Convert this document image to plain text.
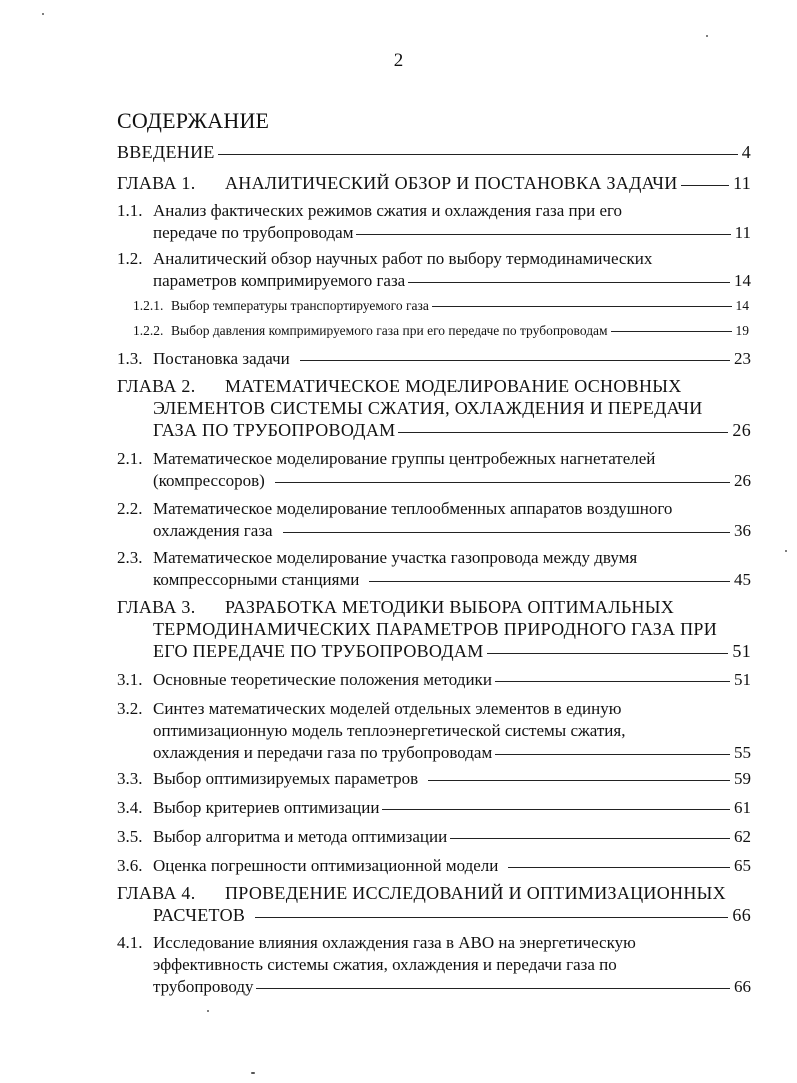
2
СОДЕРЖАНИЕ
ВВЕДЕНИЕ	4
ГЛАВА 1. АНАЛИТИЧЕСКИЙ ОБЗОР И ПОСТАНОВКА ЗАДАЧИ	11
1.1. Анализ фактических режимов сжатия и охлаждения газа при его
передаче по трубопроводам	11
1.2. Аналитический обзор научных работ по выбору термодинамических
параметров компримируемого газа	14
1.2.1. Выбор температуры транспортируемого газа	14
1.2.2. Выбор давления компримируемого газа при его передаче по трубопроводам	19
1.3. Постановка задачи	23
ГЛАВА 2. МАТЕМАТИЧЕСКОЕ МОДЕЛИРОВАНИЕ ОСНОВНЫХ
ЭЛЕМЕНТОВ СИСТЕМЫ СЖАТИЯ, ОХЛАЖДЕНИЯ И ПЕРЕДАЧИ
ГАЗА ПО ТРУБОПРОВОДАМ	26
2.1. Математическое моделирование группы центробежных нагнетателей
(компрессоров)	26
2.2. Математическое моделирование теплообменных аппаратов воздушного
охлаждения газа	36
2.3. Математическое моделирование участка газопровода между двумя
компрессорными станциями	45
ГЛАВА 3. РАЗРАБОТКА МЕТОДИКИ ВЫБОРА ОПТИМАЛЬНЫХ
ТЕРМОДИНАМИЧЕСКИХ ПАРАМЕТРОВ ПРИРОДНОГО ГАЗА ПРИ
ЕГО ПЕРЕДАЧЕ ПО ТРУБОПРОВОДАМ	51
3.1. Основные теоретические положения методики	51
3.2. Синтез математических моделей отдельных элементов в единую
оптимизационную модель теплоэнергетической системы сжатия,
охлаждения и передачи газа по трубопроводам	55
3.3. Выбор оптимизируемых параметров	59
3.4. Выбор критериев оптимизации	61
3.5. Выбор алгоритма и метода оптимизации	62
3.6. Оценка погрешности оптимизационной модели	65
ГЛАВА 4. ПРОВЕДЕНИЕ ИССЛЕДОВАНИЙ И ОПТИМИЗАЦИОННЫХ
РАСЧЕТОВ	66
4.1. Исследование влияния охлаждения газа в АВО на энергетическую
эффективность системы сжатия, охлаждения и передачи газа по
трубопроводу	66
